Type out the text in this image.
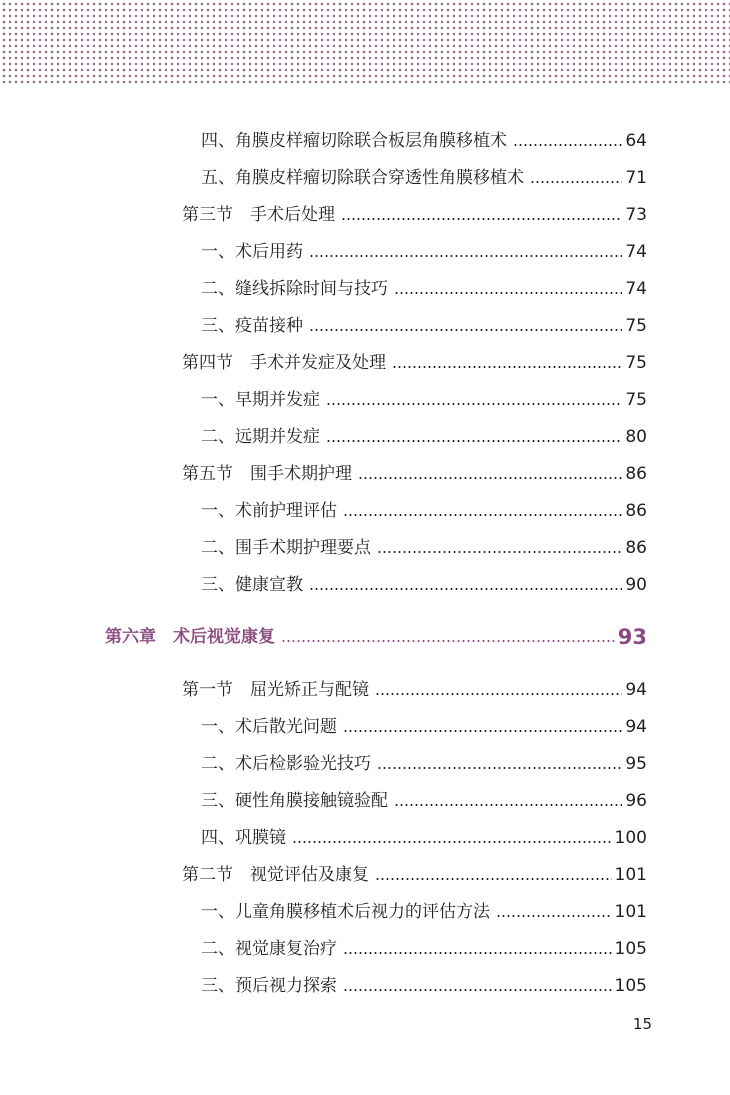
四、 角膜皮样瘤切除联合板层角膜移植术	64
五、 角膜皮样瘤切除联合穿透性角膜移植术	71
第三节 手术后处理	73
一、 术后用药	74
二、 缝线拆除时间与技巧	74
三、 疫苗接种	75
第四节 手术并发症及处理	75
一、 早期并发症	75
二、 远期并发症	80
第五节 围手术期护理	86
一、 术前护理评估	86
二、 围手术期护理要点	86
三、 健康宣教	90
第六章 术后视觉康复	93
第一节 屈光矫正与配镜	94
一、 术后散光问题	94
二、 术后检影验光技巧	95
三、 硬性角膜接触镜验配	96
四、 巩膜镜	100
第二节 视觉评估及康复	101
一、 儿童角膜移植术后视力的评估方法	101
二、 视觉康复治疗	105
三、 预后视力探索	105
15
